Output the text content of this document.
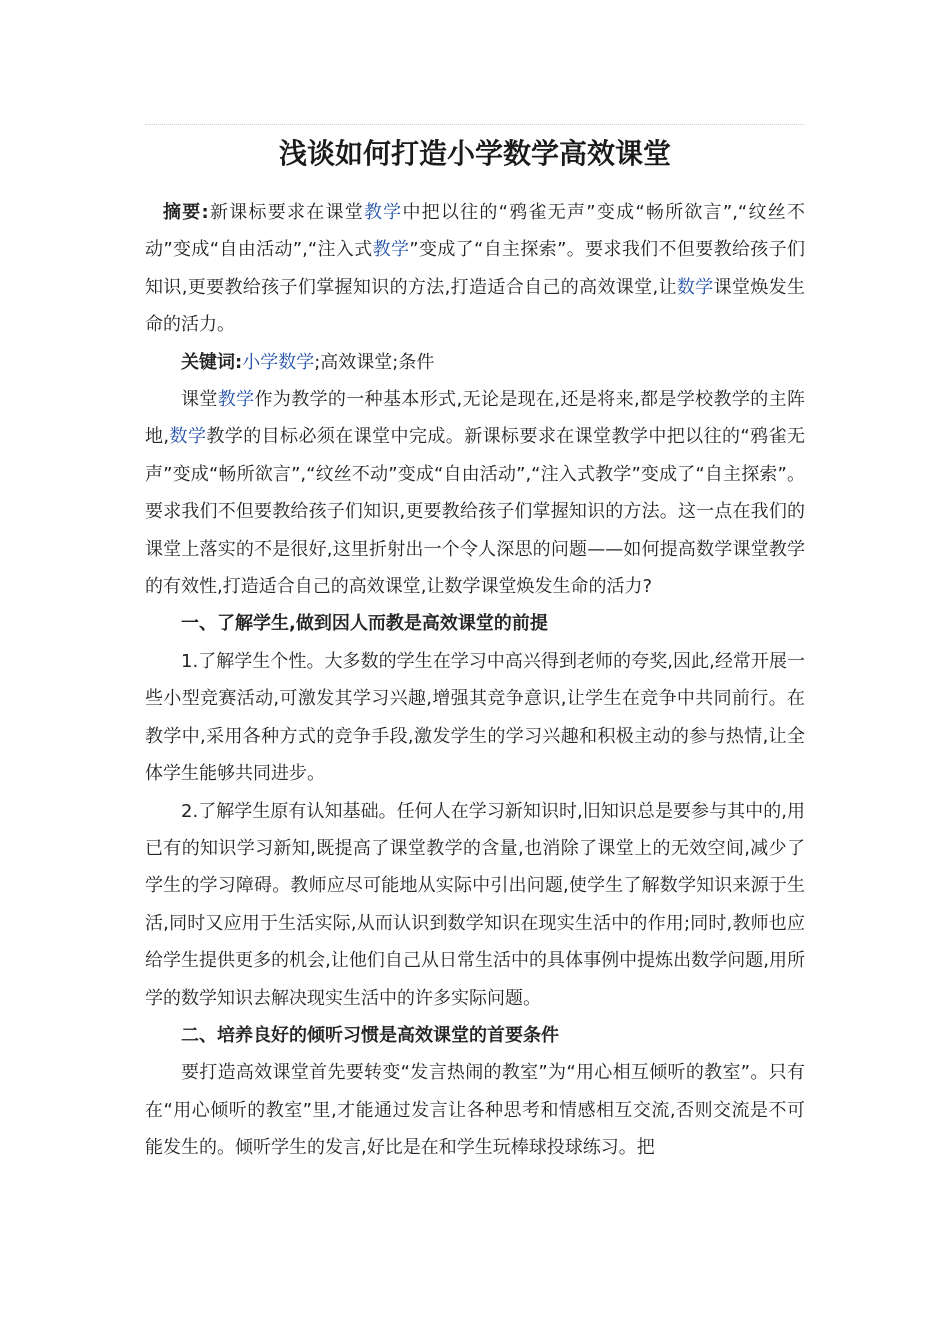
浅谈如何打造小学数学高效课堂

摘要:新课标要求在课堂教学中把以往的“鸦雀无声”变成“畅所欲言”,“纹丝不动”变成“自由活动”,“注入式教学”变成了“自主探索”。要求我们不但要教给孩子们知识,更要教给孩子们掌握知识的方法,打造适合自己的高效课堂,让数学课堂焕发生命的活力。

关键词:小学数学;高效课堂;条件

课堂教学作为教学的一种基本形式,无论是现在,还是将来,都是学校教学的主阵地,数学教学的目标必须在课堂中完成。新课标要求在课堂教学中把以往的“鸦雀无声”变成“畅所欲言”,“纹丝不动”变成“自由活动”,“注入式教学”变成了“自主探索”。要求我们不但要教给孩子们知识,更要教给孩子们掌握知识的方法。这一点在我们的课堂上落实的不是很好,这里折射出一个令人深思的问题——如何提高数学课堂教学的有效性,打造适合自己的高效课堂,让数学课堂焕发生命的活力?

一、了解学生,做到因人而教是高效课堂的前提

1.了解学生个性。大多数的学生在学习中高兴得到老师的夸奖,因此,经常开展一些小型竞赛活动,可激发其学习兴趣,增强其竞争意识,让学生在竞争中共同前行。在教学中,采用各种方式的竞争手段,激发学生的学习兴趣和积极主动的参与热情,让全体学生能够共同进步。

2.了解学生原有认知基础。任何人在学习新知识时,旧知识总是要参与其中的,用已有的知识学习新知,既提高了课堂教学的含量,也消除了课堂上的无效空间,减少了学生的学习障碍。教师应尽可能地从实际中引出问题,使学生了解数学知识来源于生活,同时又应用于生活实际,从而认识到数学知识在现实生活中的作用;同时,教师也应给学生提供更多的机会,让他们自己从日常生活中的具体事例中提炼出数学问题,用所学的数学知识去解决现实生活中的许多实际问题。

二、培养良好的倾听习惯是高效课堂的首要条件

要打造高效课堂首先要转变“发言热闹的教室”为“用心相互倾听的教室”。只有在“用心倾听的教室”里,才能通过发言让各种思考和情感相互交流,否则交流是不可能发生的。倾听学生的发言,好比是在和学生玩棒球投球练习。把
